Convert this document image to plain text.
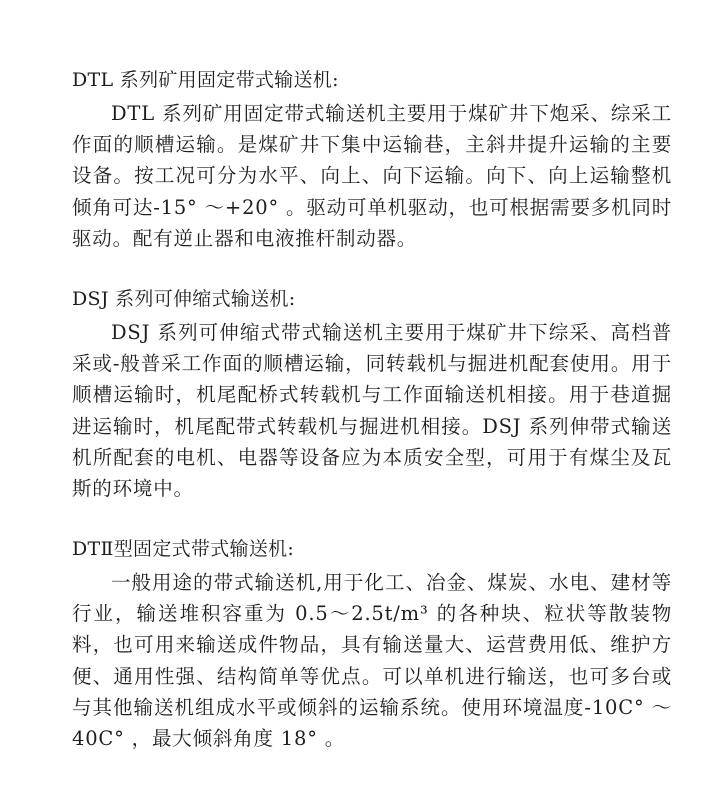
DTL 系列矿用固定带式输送机:

DTL 系列矿用固定带式输送机主要用于煤矿井下炮采、综采工作面的顺槽运输。是煤矿井下集中运输巷，主斜井提升运输的主要设备。按工况可分为水平、向上、向下运输。向下、向上运输整机倾角可达-15° ～+20° 。驱动可单机驱动，也可根据需要多机同时驱动。配有逆止器和电液推杆制动器。

DSJ 系列可伸缩式输送机:

DSJ 系列可伸缩式带式输送机主要用于煤矿井下综采、高档普采或-般普采工作面的顺槽运输，同转载机与掘进机配套使用。用于顺槽运输时，机尾配桥式转载机与工作面输送机相接。用于巷道掘进运输时，机尾配带式转载机与掘进机相接。DSJ 系列伸带式输送机所配套的电机、电器等设备应为本质安全型，可用于有煤尘及瓦斯的环境中。

DTⅡ型固定式带式输送机:

一般用途的带式输送机,用于化工、冶金、煤炭、水电、建材等行业，输送堆积容重为 0.5～2.5t/m³ 的各种块、粒状等散装物料，也可用来输送成件物品，具有输送量大、运营费用低、维护方便、通用性强、结构简单等优点。可以单机进行输送，也可多台或与其他输送机组成水平或倾斜的运输系统。使用环境温度-10C° ～40C° ，最大倾斜角度 18° 。
